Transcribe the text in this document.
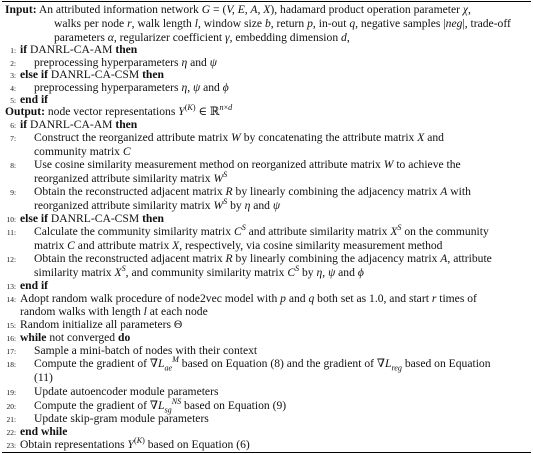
Input: An attributed information network G = (V, E, A, X), hadamard product operation parameter χ,
walks per node r, walk length l, window size b, return p, in-out q, negative samples |neg|, trade-off
parameters α, regularizer coefficient γ, embedding dimension d,
1: if DANRL-CA-AM then
2: preprocessing hyperparameters η and ψ
3: else if DANRL-CA-CSM then
4: preprocessing hyperparameters η, ψ and ϕ
5: end if
Output: node vector representations $Y^{(K)}$ ∈ ℝ$^{n\times d}$
6: if DANRL-CA-AM then
7: Construct the reorganized attribute matrix W by concatenating the attribute matrix X and
community matrix C
8: Use cosine similarity measurement method on reorganized attribute matrix W to achieve the
reorganized attribute similarity matrix $W^S$
9: Obtain the reconstructed adjacent matrix R by linearly combining the adjacency matrix A with
reorganized attribute similarity matrix $W^S$ by η and ψ
10: else if DANRL-CA-CSM then
11: Calculate the community similarity matrix $C^S$ and attribute similarity matrix $X^S$ on the community
matrix C and attribute matrix X, respectively, via cosine similarity measurement method
12: Obtain the reconstructed adjacent matrix R by linearly combining the adjacency matrix A, attribute
similarity matrix $X^S$, and community similarity matrix $C^S$ by η, ψ and ϕ
13: end if
14: Adopt random walk procedure of node2vec model with p and q both set as 1.0, and start r times of
random walks with length l at each node
15: Random initialize all parameters Θ
16: while not converged do
17: Sample a mini-batch of nodes with their context
18: Compute the gradient of $\nabla L_{ae}^M$ based on Equation (8) and the gradient of $\nabla L_{reg}$ based on Equation
(11)
19: Update autoencoder module parameters
20: Compute the gradient of $\nabla L_{sg}^{NS}$ based on Equation (9)
21: Update skip-gram module parameters
22: end while
23: Obtain representations $Y^{(K)}$ based on Equation (6)
